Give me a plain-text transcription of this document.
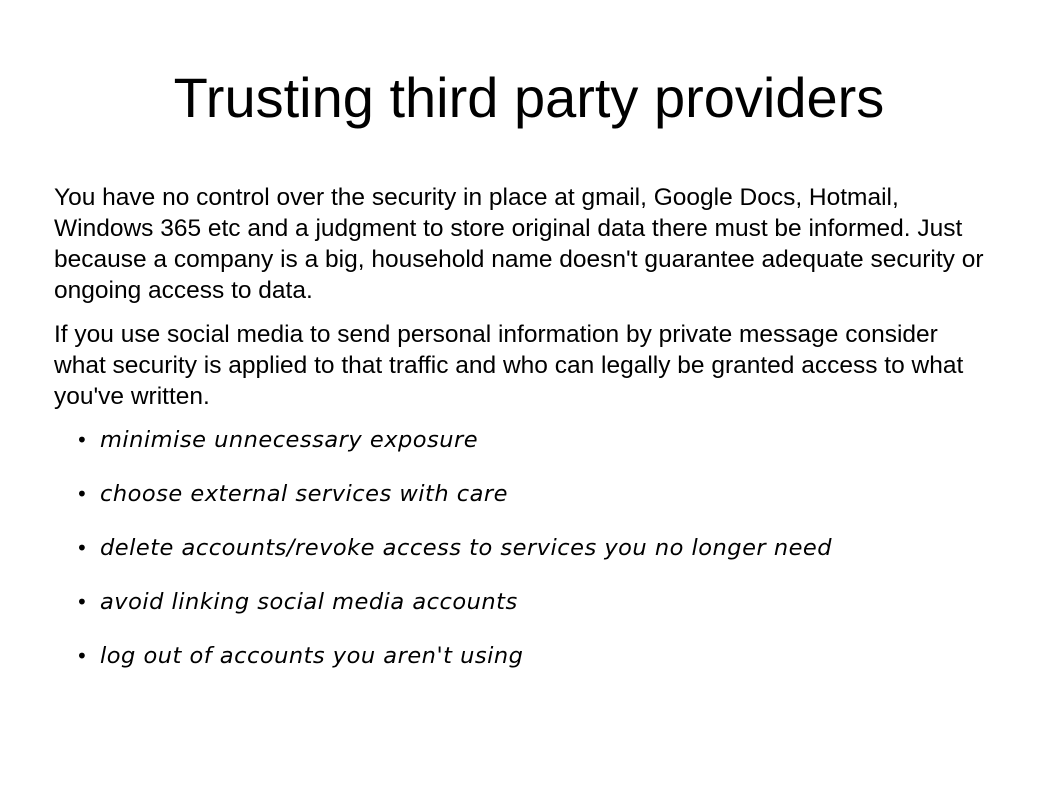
Trusting third party providers

You have no control over the security in place at gmail, Google Docs, Hotmail, Windows 365 etc and a judgment to store original data there must be informed. Just because a company is a big, household name doesn't guarantee adequate security or ongoing access to data.

If you use social media to send personal information by private message consider what security is applied to that traffic and who can legally be granted access to what you've written.

• minimise unnecessary exposure
• choose external services with care
• delete accounts/revoke access to services you no longer need
• avoid linking social media accounts
• log out of accounts you aren't using
